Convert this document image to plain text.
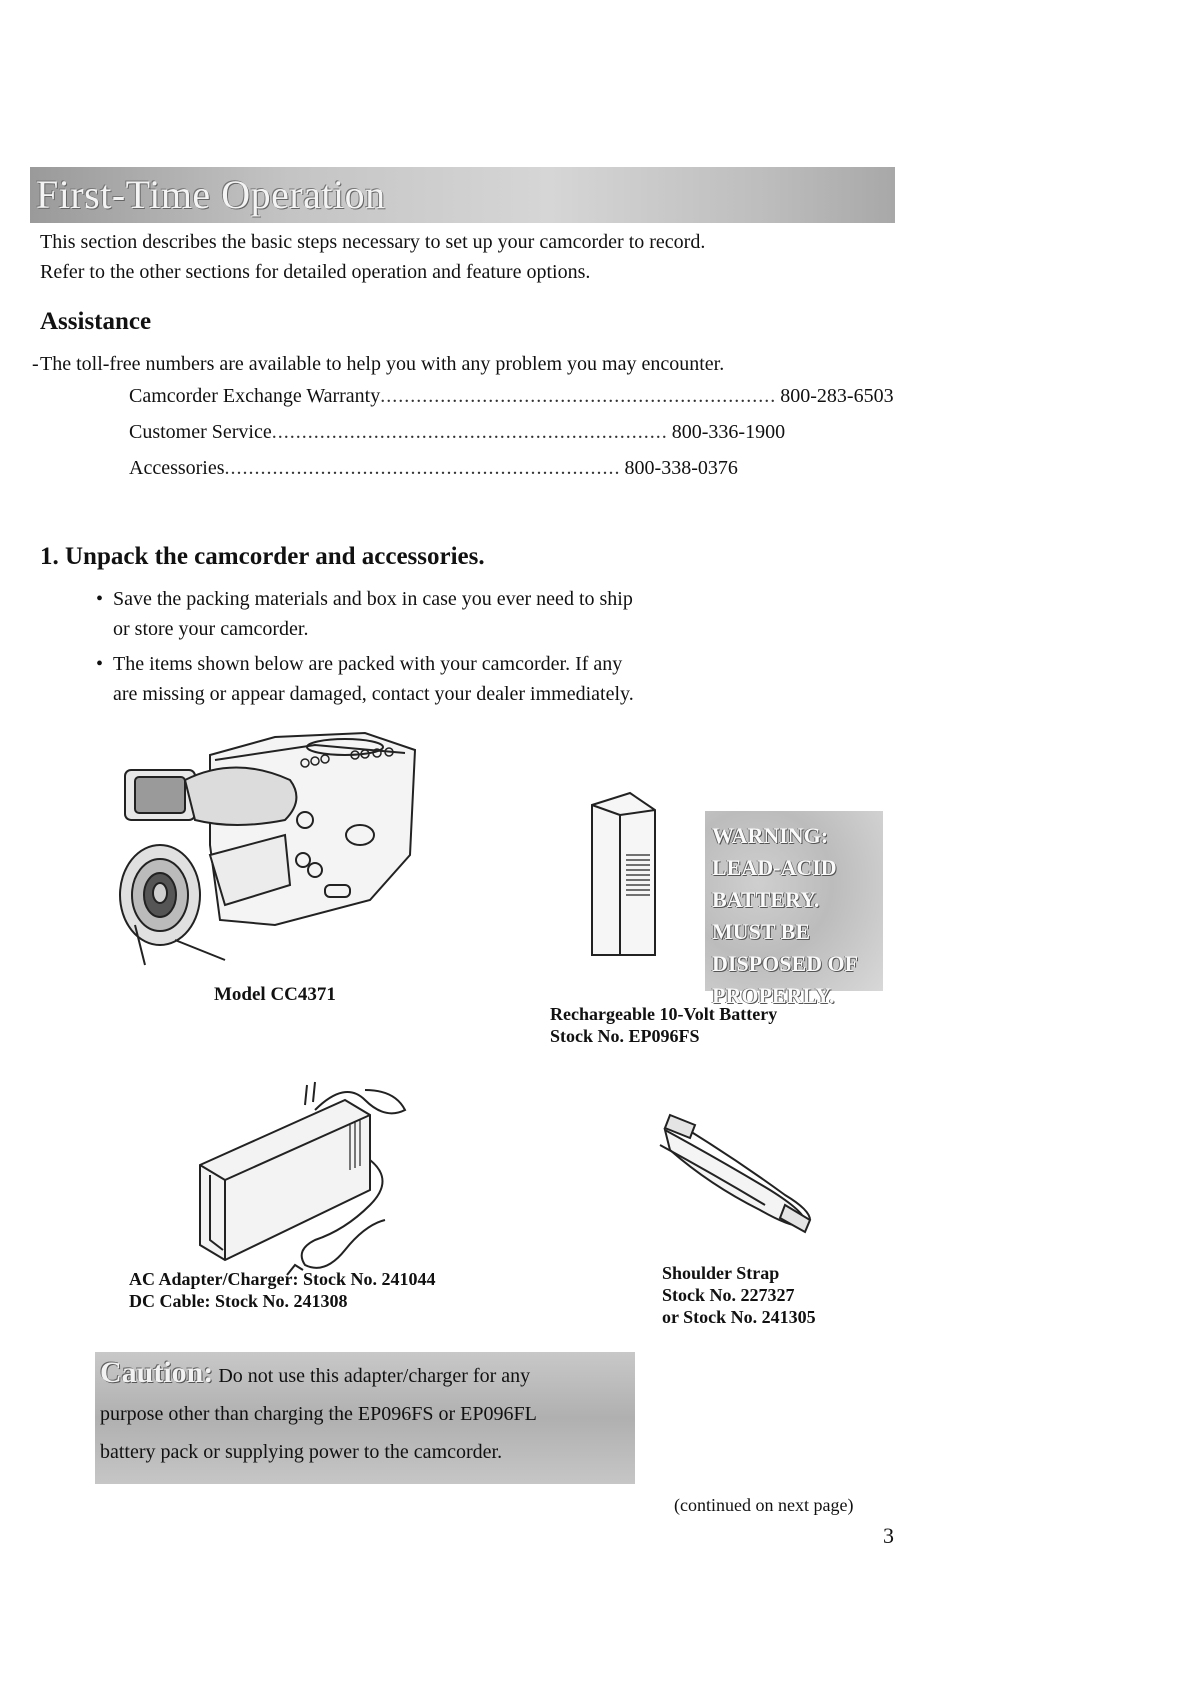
First-Time Operation

This section describes the basic steps necessary to set up your camcorder to record.

Refer to the other sections for detailed operation and feature options.

Assistance
- The toll-free numbers are available to help you with any problem you may encounter.

Camcorder Exchange Warranty .................................................................. 800-283-6503
Customer Service .................................................................. 800-336-1900
Accessories .................................................................. 800-338-0376
1. Unpack the camcorder and accessories.
• Save the packing materials and box in case you ever need to ship

or store your camcorder.

• The items shown below are packed with your camcorder. If any

are missing or appear damaged, contact your dealer immediately.

Model CC4371

WARNING:
LEAD-ACID
BATTERY.
MUST BE
DISPOSED OF
PROPERLY.

Rechargeable 10-Volt Battery

Stock No. EP096FS

AC Adapter/Charger: Stock No. 241044

DC Cable: Stock No. 241308

Shoulder Strap

Stock No. 227327

or Stock No. 241305

Caution: Do not use this adapter/charger for any
purpose other than charging the EP096FS or EP096FL
battery pack or supplying power to the camcorder.

(continued on next page)

3
